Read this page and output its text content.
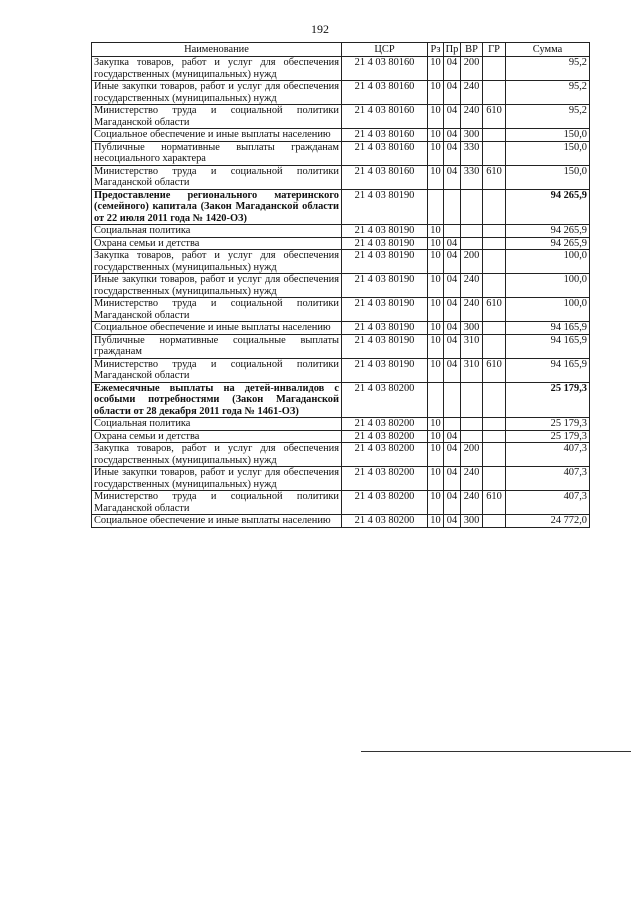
192
Наименование	ЦСР	Рз	Пр	ВР	ГР	Сумма
Закупка товаров, работ и услуг для обеспечения государственных (муниципальных) нужд	21 4 03 80160	10	04	200		95,2
Иные закупки товаров, работ и услуг для обеспечения государственных (муниципальных) нужд	21 4 03 80160	10	04	240		95,2
Министерство труда и социальной политики Магаданской области	21 4 03 80160	10	04	240	610	95,2
Социальное обеспечение и иные выплаты населению	21 4 03 80160	10	04	300		150,0
Публичные нормативные выплаты гражданам несоциального характера	21 4 03 80160	10	04	330		150,0
Министерство труда и социальной политики Магаданской области	21 4 03 80160	10	04	330	610	150,0
Предоставление регионального материнского (семейного) капитала (Закон Магаданской области от 22 июля 2011 года № 1420-ОЗ)	21 4 03 80190					94 265,9
Социальная политика	21 4 03 80190	10				94 265,9
Охрана семьи и детства	21 4 03 80190	10	04			94 265,9
Закупка товаров, работ и услуг для обеспечения государственных (муниципальных) нужд	21 4 03 80190	10	04	200		100,0
Иные закупки товаров, работ и услуг для обеспечения государственных (муниципальных) нужд	21 4 03 80190	10	04	240		100,0
Министерство труда и социальной политики Магаданской области	21 4 03 80190	10	04	240	610	100,0
Социальное обеспечение и иные выплаты населению	21 4 03 80190	10	04	300		94 165,9
Публичные нормативные социальные выплаты гражданам	21 4 03 80190	10	04	310		94 165,9
Министерство труда и социальной политики Магаданской области	21 4 03 80190	10	04	310	610	94 165,9
Ежемесячные выплаты на детей-инвалидов с особыми потребностями (Закон Магаданской области от 28 декабря 2011 года № 1461-ОЗ)	21 4 03 80200					25 179,3
Социальная политика	21 4 03 80200	10				25 179,3
Охрана семьи и детства	21 4 03 80200	10	04			25 179,3
Закупка товаров, работ и услуг для обеспечения государственных (муниципальных) нужд	21 4 03 80200	10	04	200		407,3
Иные закупки товаров, работ и услуг для обеспечения государственных (муниципальных) нужд	21 4 03 80200	10	04	240		407,3
Министерство труда и социальной политики Магаданской области	21 4 03 80200	10	04	240	610	407,3
Социальное обеспечение и иные выплаты населению	21 4 03 80200	10	04	300		24 772,0
